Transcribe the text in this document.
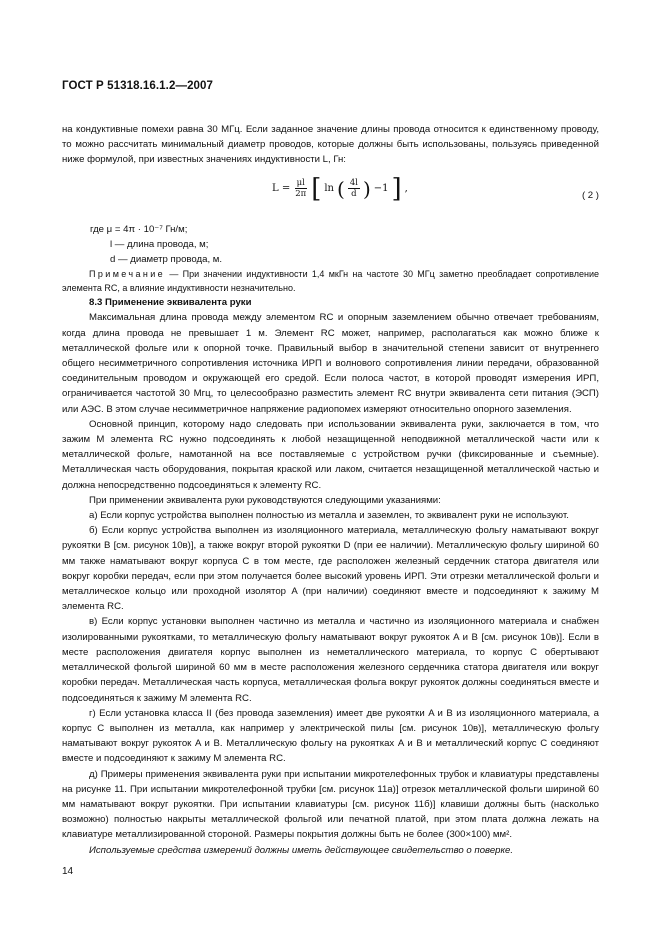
ГОСТ Р 51318.16.1.2—2007

на кондуктивные помехи равна 30 МГц. Если заданное значение длины провода относится к единственному проводу, то можно рассчитать минимальный диаметр проводов, которые должны быть использованы, пользуясь приведенной ниже формулой, при известных значениях индуктивности L, Гн:

$L = \frac{\mu l}{2\pi}$ [ ln ( $\frac{4l}{d}$ ) −1 ] ,
( 2 )
где μ = 4π · 10⁻⁷ Гн/м;
l — длина провода, м;
d — диаметр провода, м.

Примечание — При значении индуктивности 1,4 мкГн на частоте 30 МГц заметно преобладает сопротивление элемента RC, а влияние индуктивности незначительно.

8.3 Применение эквивалента руки

Максимальная длина провода между элементом RC и опорным заземлением обычно отвечает требованиям, когда длина провода не превышает 1 м. Элемент RC может, например, располагаться как можно ближе к металлической фольге или к опорной точке. Правильный выбор в значительной степени зависит от внутреннего общего несимметричного сопротивления источника ИРП и волнового сопротивления линии передачи, образованной соединительным проводом и окружающей его средой. Если полоса частот, в которой проводят измерения ИРП, ограничивается частотой 30 Мгц, то целесообразно разместить элемент RC внутри эквивалента сети питания (ЭСП) или АЭС. В этом случае несимметричное напряжение радиопомех измеряют относительно опорного заземления.

Основной принцип, которому надо следовать при использовании эквивалента руки, заключается в том, что зажим М элемента RC нужно подсоединять к любой незащищенной неподвижной металлической части или к металлической фольге, намотанной на все поставляемые с устройством ручки (фиксированные и съемные). Металлическая часть оборудования, покрытая краской или лаком, считается незащищенной металлической частью и должна непосредственно подсоединяться к элементу RC.

При применении эквивалента руки руководствуются следующими указаниями:

а) Если корпус устройства выполнен полностью из металла и заземлен, то эквивалент руки не используют.

б) Если корпус устройства выполнен из изоляционного материала, металлическую фольгу наматывают вокруг рукоятки B [см. рисунок 10в)], а также вокруг второй рукоятки D (при ее наличии). Металлическую фольгу шириной 60 мм также наматывают вокруг корпуса C в том месте, где расположен железный сердечник статора двигателя или вокруг коробки передач, если при этом получается более высокий уровень ИРП. Эти отрезки металлической фольги и металлическое кольцо или проходной изолятор A (при наличии) соединяют вместе и подсоединяют к зажиму M элемента RC.

в) Если корпус установки выполнен частично из металла и частично из изоляционного материала и снабжен изолированными рукоятками, то металлическую фольгу наматывают вокруг рукояток A и B [см. рисунок 10в)]. Если в месте расположения двигателя корпус выполнен из неметаллического материала, то корпус C обертывают металлической фольгой шириной 60 мм в месте расположения железного сердечника статора двигателя или вокруг коробки передач. Металлическая часть корпуса, металлическая фольга вокруг рукояток должны соединяться вместе и подсоединяться к зажиму M элемента RC.

г) Если установка класса II (без провода заземления) имеет две рукоятки A и B из изоляционного материала, а корпус C выполнен из металла, как например у электрической пилы [см. рисунок 10в)], металлическую фольгу наматывают вокруг рукояток A и B. Металлическую фольгу на рукоятках A и B и металлический корпус C соединяют вместе и подсоединяют к зажиму M элемента RC.

д) Примеры применения эквивалента руки при испытании микротелефонных трубок и клавиатуры представлены на рисунке 11. При испытании микротелефонной трубки [см. рисунок 11а)] отрезок металлической фольги шириной 60 мм наматывают вокруг рукоятки. При испытании клавиатуры [см. рисунок 11б)] клавиши должны быть (насколько возможно) полностью накрыты металлической фольгой или печатной платой, при этом плата должна лежать на клавиатуре металлизированной стороной. Размеры покрытия должны быть не более (300×100) мм².

Используемые средства измерений должны иметь действующее свидетельство о поверке.

14
